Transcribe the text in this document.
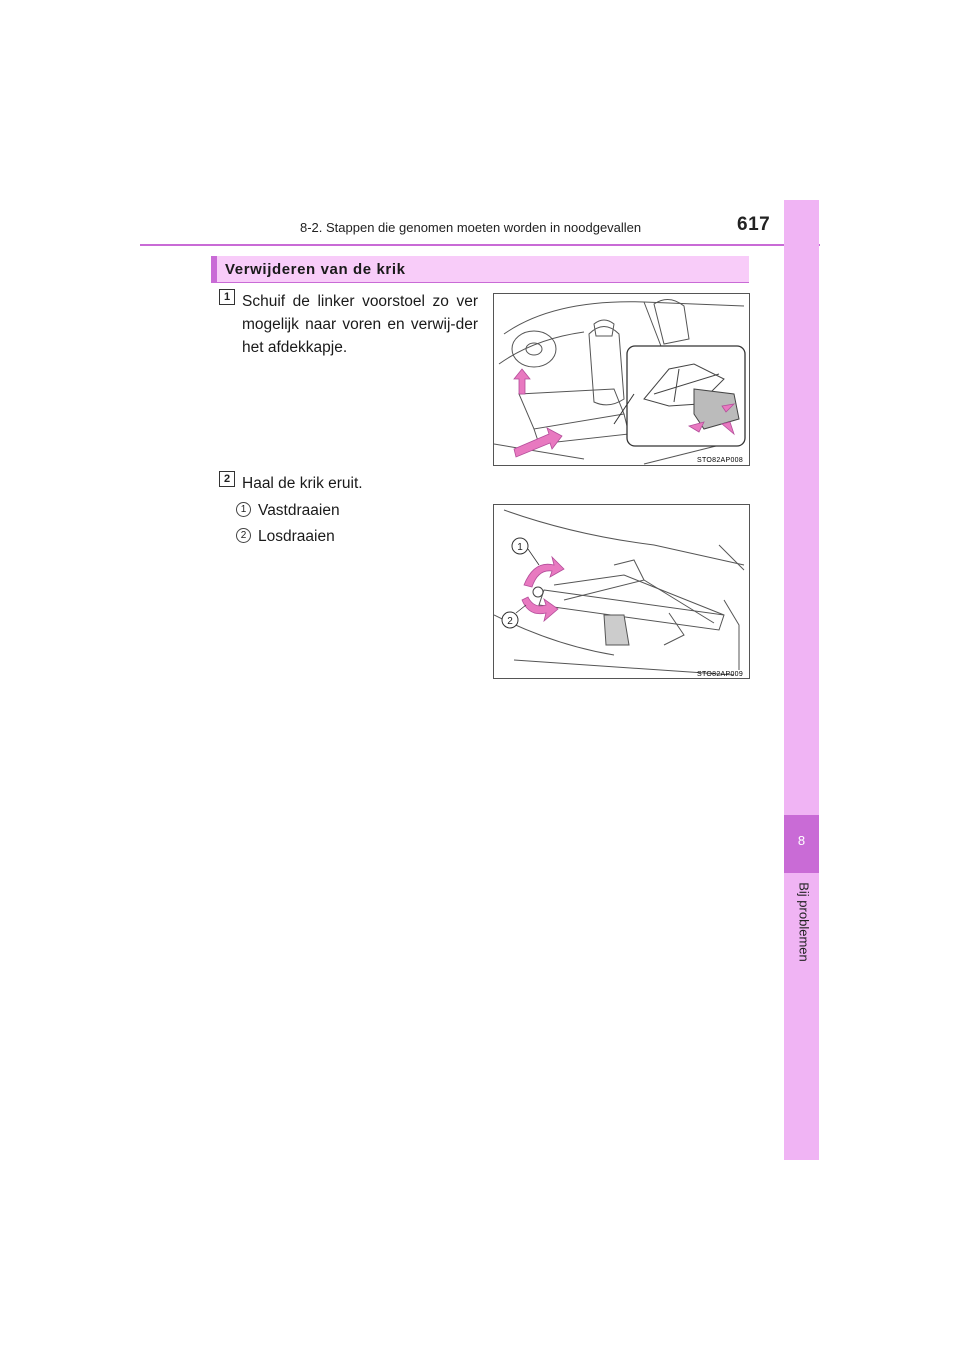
8-2. Stappen die genomen moeten worden in noodgevallen	617
8
Bij problemen
Verwijderen van de krik
1 Schuif de linker voorstoel zo ver mogelijk naar voren en verwij-der het afdekkapje.
STO82AP008
2 Haal de krik eruit.
1 Vastdraaien
2 Losdraaien
1
2
STO82AP009
